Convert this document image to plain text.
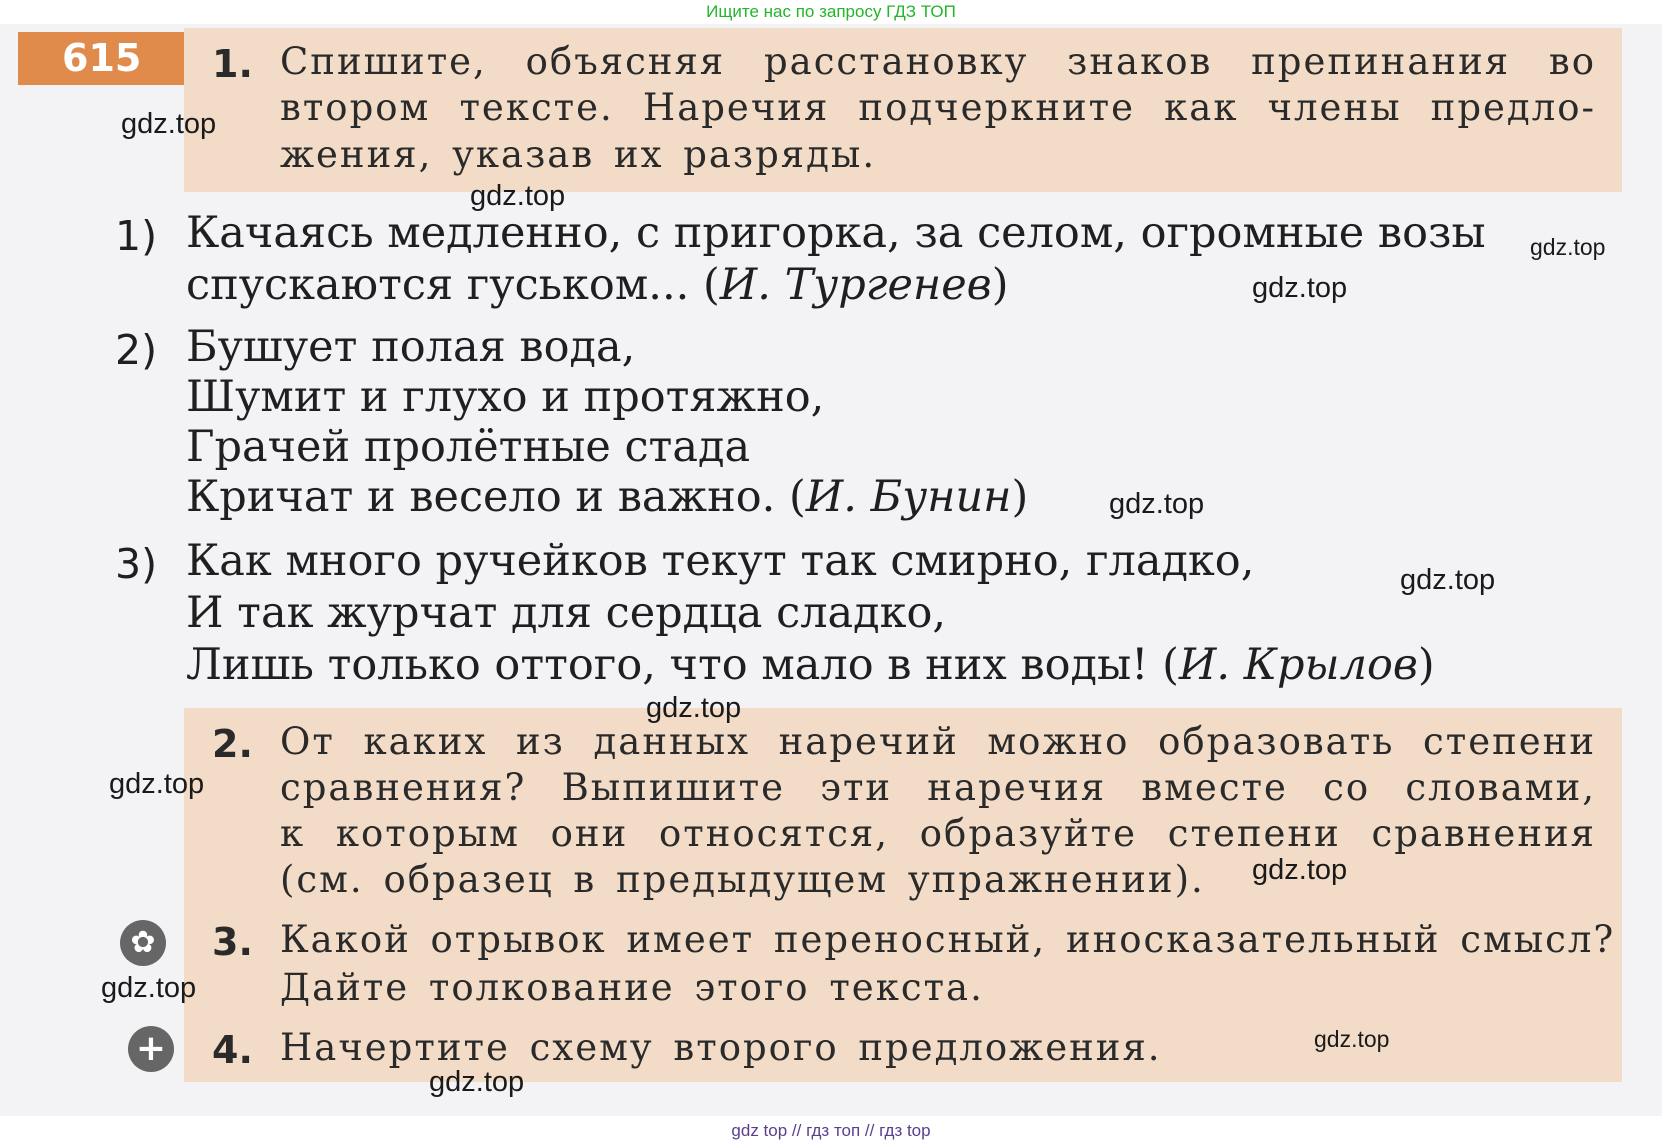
Ищите нас по запросу ГДЗ ТОП
615	1. Спишите, объясняя расстановку знаков препинания во
втором тексте. Наречия подчеркните как члены предло-
жения, указав их разряды.
1) Качаясь медленно, с пригорка, за селом, огромные возы
спускаются гуськом... (И. Тургенев)
2) Бушует полая вода,
Шумит и глухо и протяжно,
Грачей пролётные стада
Кричат и весело и важно. (И. Бунин)
3) Как много ручейков текут так смирно, гладко,
И так журчат для сердца сладко,
Лишь только оттого, что мало в них воды! (И. Крылов)
2. От каких из данных наречий можно образовать степени
сравнения? Выпишите эти наречия вместе со словами,
к которым они относятся, образуйте степени сравнения
(см. образец в предыдущем упражнении).
✿ 3. Какой отрывок имеет переносный, иносказательный смысл?
Дайте толкование этого текста.
+ 4. Начертите схему второго предложения.
gdz.top
gdz.top
gdz.top
gdz.top
gdz.top
gdz.top
gdz.top
gdz.top
gdz.top
gdz.top
gdz.top
gdz.top
gdz top // гдз топ // гдз top
